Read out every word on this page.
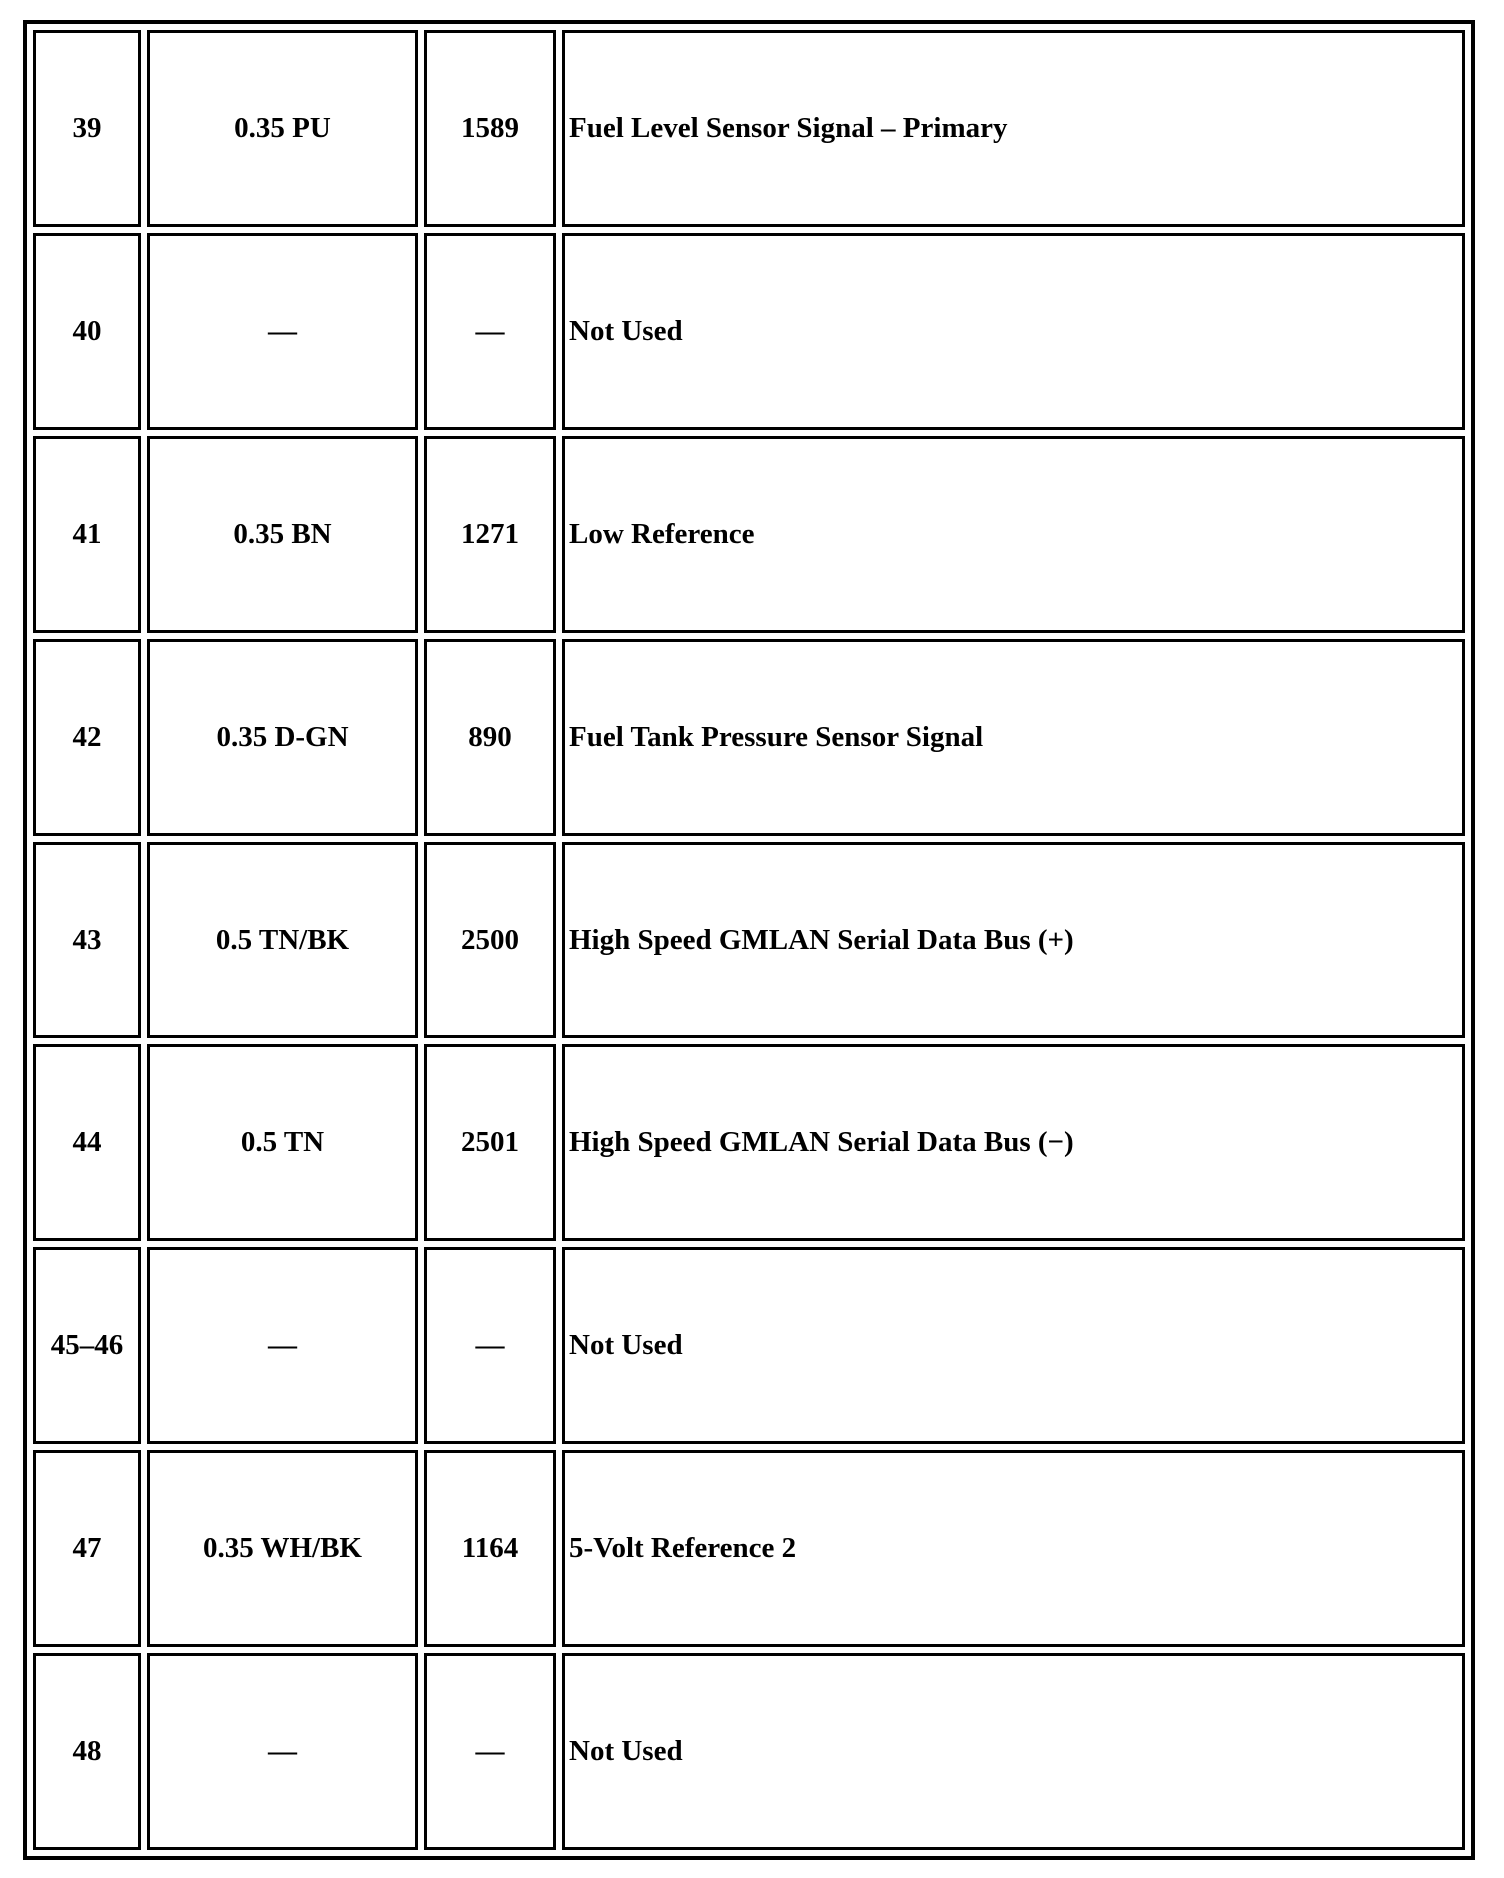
39	0.35 PU	1589	Fuel Level Sensor Signal – Primary
40	—	—	Not Used
41	0.35 BN	1271	Low Reference
42	0.35 D-GN	890	Fuel Tank Pressure Sensor Signal
43	0.5 TN/BK	2500	High Speed GMLAN Serial Data Bus (+)
44	0.5 TN	2501	High Speed GMLAN Serial Data Bus (−)
45–46	—	—	Not Used
47	0.35 WH/BK	1164	5-Volt Reference 2
48	—	—	Not Used
